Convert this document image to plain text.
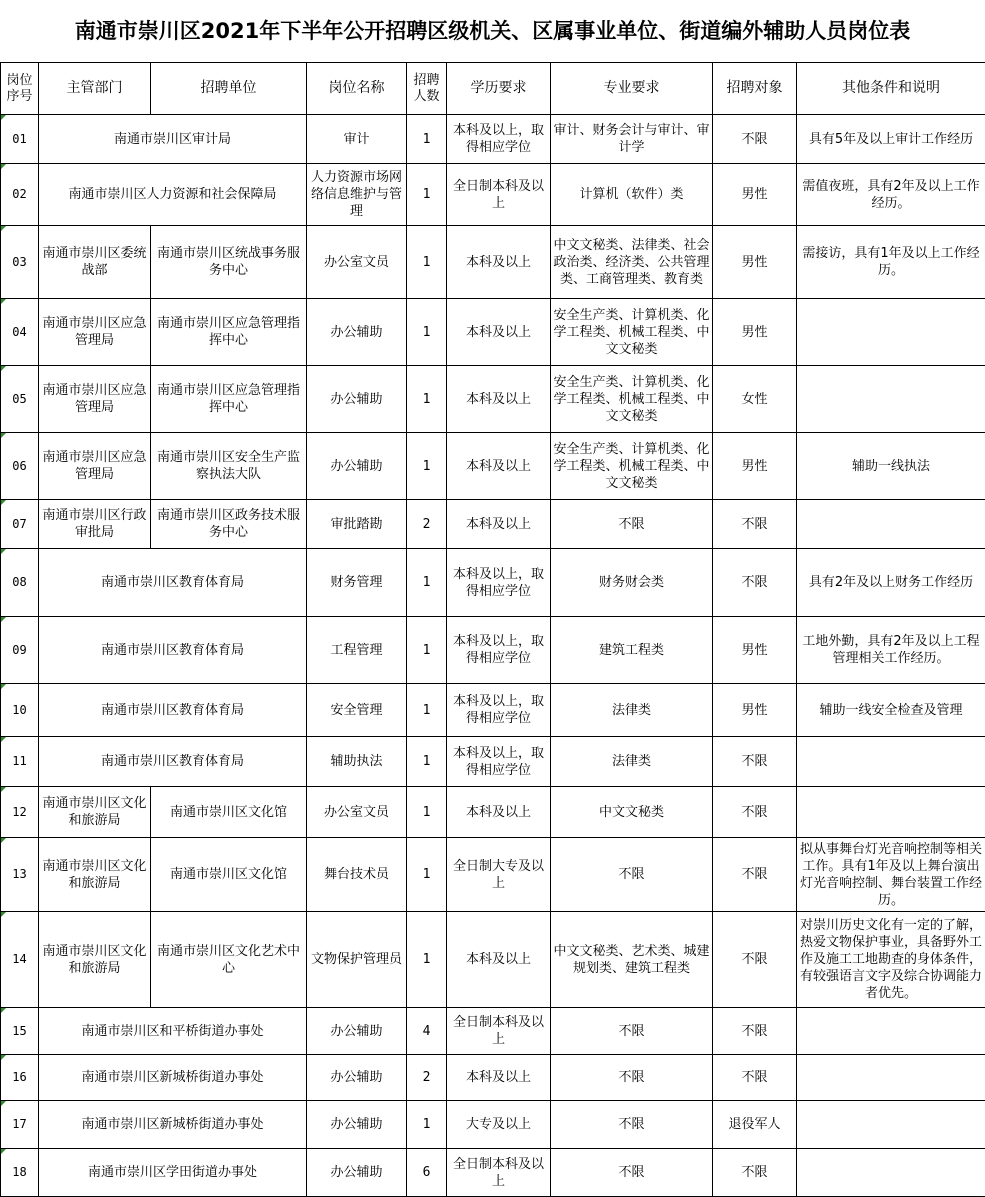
南通市崇川区2021年下半年公开招聘区级机关、区属事业单位、街道编外辅助人员岗位表
岗位序号	主管部门	招聘单位	岗位名称	招聘人数	学历要求	专业要求	招聘对象	其他条件和说明
01	南通市崇川区审计局		审计	1	本科及以上，取得相应学位	审计、财务会计与审计、审计学	不限	具有5年及以上审计工作经历
02	南通市崇川区人力资源和社会保障局		人力资源市场网络信息维护与管理	1	全日制本科及以上	计算机（软件）类	男性	需值夜班，具有2年及以上工作经历。
03	南通市崇川区委统战部	南通市崇川区统战事务服务中心	办公室文员	1	本科及以上	中文文秘类、法律类、社会政治类、经济类、公共管理类、工商管理类、教育类	男性	需接访，具有1年及以上工作经历。
04	南通市崇川区应急管理局	南通市崇川区应急管理指挥中心	办公辅助	1	本科及以上	安全生产类、计算机类、化学工程类、机械工程类、中文文秘类	男性	
05	南通市崇川区应急管理局	南通市崇川区应急管理指挥中心	办公辅助	1	本科及以上	安全生产类、计算机类、化学工程类、机械工程类、中文文秘类	女性	
06	南通市崇川区应急管理局	南通市崇川区安全生产监察执法大队	办公辅助	1	本科及以上	安全生产类、计算机类、化学工程类、机械工程类、中文文秘类	男性	辅助一线执法
07	南通市崇川区行政审批局	南通市崇川区政务技术服务中心	审批踏勘	2	本科及以上	不限	不限	
08	南通市崇川区教育体育局		财务管理	1	本科及以上，取得相应学位	财务财会类	不限	具有2年及以上财务工作经历
09	南通市崇川区教育体育局		工程管理	1	本科及以上，取得相应学位	建筑工程类	男性	工地外勤，具有2年及以上工程管理相关工作经历。
10	南通市崇川区教育体育局		安全管理	1	本科及以上，取得相应学位	法律类	男性	辅助一线安全检查及管理
11	南通市崇川区教育体育局		辅助执法	1	本科及以上，取得相应学位	法律类	不限	
12	南通市崇川区文化和旅游局	南通市崇川区文化馆	办公室文员	1	本科及以上	中文文秘类	不限	
13	南通市崇川区文化和旅游局	南通市崇川区文化馆	舞台技术员	1	全日制大专及以上	不限	不限	拟从事舞台灯光音响控制等相关工作。具有1年及以上舞台演出灯光音响控制、舞台装置工作经历。
14	南通市崇川区文化和旅游局	南通市崇川区文化艺术中心	文物保护管理员	1	本科及以上	中文文秘类、艺术类、城建规划类、建筑工程类	不限	对崇川历史文化有一定的了解，热爱文物保护事业，具备野外工作及施工工地勘查的身体条件，有较强语言文字及综合协调能力者优先。
15	南通市崇川区和平桥街道办事处		办公辅助	4	全日制本科及以上	不限	不限	
16	南通市崇川区新城桥街道办事处		办公辅助	2	本科及以上	不限	不限	
17	南通市崇川区新城桥街道办事处		办公辅助	1	大专及以上	不限	退役军人	
18	南通市崇川区学田街道办事处		办公辅助	6	全日制本科及以上	不限	不限	
